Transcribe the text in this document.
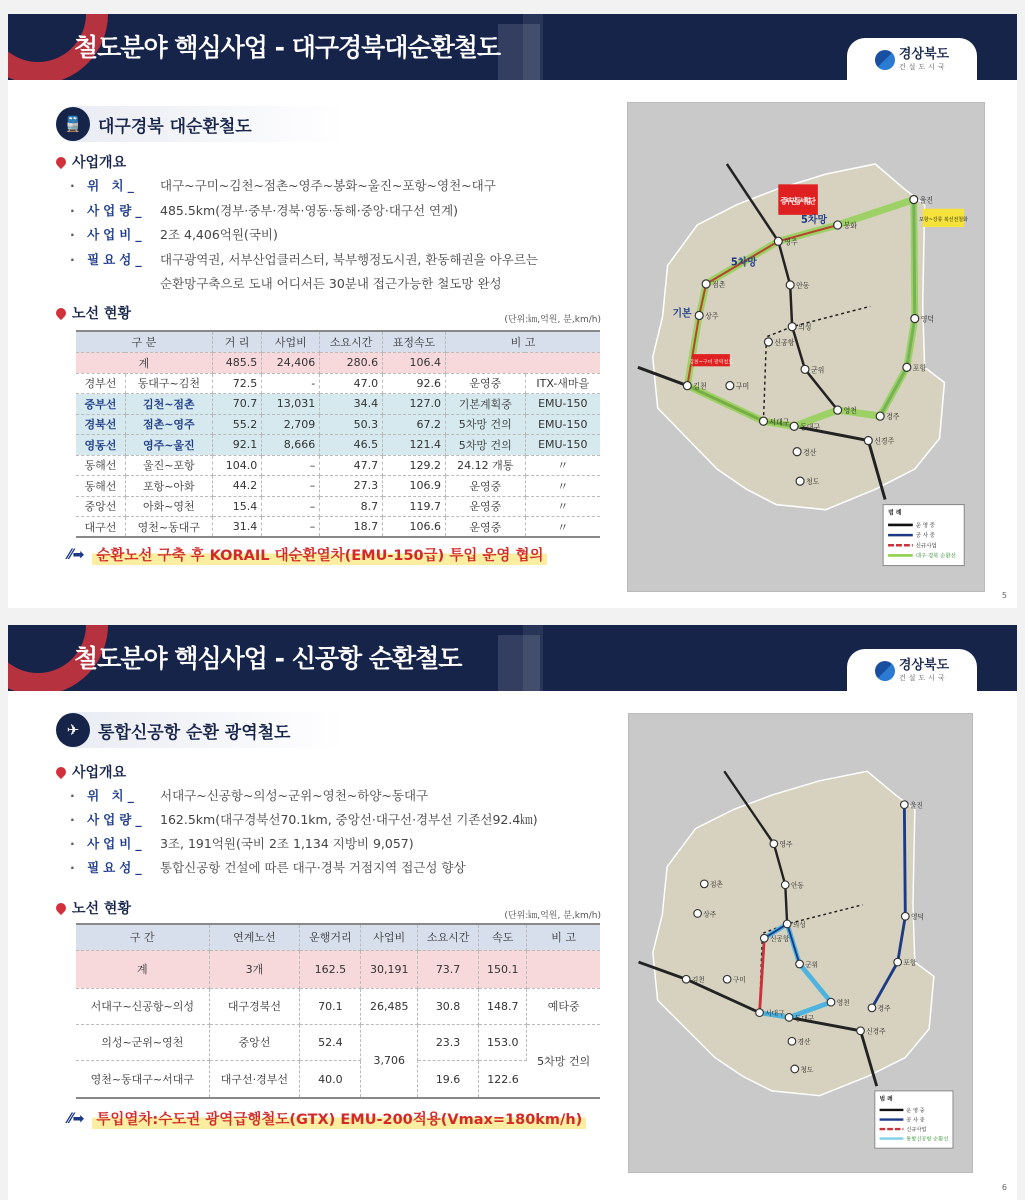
철도분야 핵심사업 - 대구경북대순환철도	경상북도
건설도시국
🚆 대구경북 대순환철도
사업개요
· 위 치_	대구~구미~김천~점촌~영주~봉화~울진~포항~영천~대구
· 사업량_	485.5km(경부·중부·경북·영동·동해·중앙·대구선 연계)
· 사업비_	2조 4,406억원(국비)
· 필요성_	대구광역권, 서부산업클러스터, 북부행정도시권, 환동해권을 아우르는
순환망구축으로 도내 어디서든 30분내 접근가능한 철도망 완성
노선 현황	(단위:㎞,억원, 분,km/h)
구 분		거 리	사업비	소요시간	표정속도	비 고	
계		485.5	24,406	280.6	106.4		
경부선	동대구~김천	72.5	-	47.0	92.6	운영중	ITX-새마을
중부선	김천~점촌	70.7	13,031	34.4	127.0	기본계획중	EMU-150
경북선	점촌~영주	55.2	2,709	50.3	67.2	5차망 건의	EMU-150
영동선	영주~울진	92.1	8,666	46.5	121.4	5차망 건의	EMU-150
동해선	울진~포항	104.0	–	47.7	129.2	24.12 개통	〃
동해선	포항~아화	44.2	–	27.3	106.9	운영중	〃
중앙선	아화~영천	15.4	–	8.7	119.7	운영중	〃
대구선	영천~동대구	31.4	–	18.7	106.6	운영중	〃
⁄⁄➡ 순환노선 구축 후 KORAIL 대순환열차(EMU-150급) 투입 운영 협의
울진
영주
봉화
점촌
상주
김천	구미
서대구
동대구
영천
경주
포항
영덕
안동
의성
신공항
군위
신경주
경산
청도
중부권 동서횡단
5차망
5차망
기본
포항~강릉 복선전철화
김천~구미 광역철도
범 례
운 영 중
공 사 중
신규사업
대구·경북 순환선
5
철도분야 핵심사업 - 신공항 순환철도	경상북도
건설도시국
✈	통합신공항 순환 광역철도
사업개요
· 위 치_	서대구~신공항~의성~군위~영천~하양~동대구
· 사업량_	162.5km(대구경북선70.1km, 중앙선·대구선·경부선 기존선92.4㎞)
· 사업비_	3조, 191억원(국비 2조 1,134 지방비 9,057)
· 필요성_	통합신공항 건설에 따른 대구·경북 거점지역 접근성 향상
노선 현황	(단위:㎞,억원, 분,km/h)
구 간	연계노선	운행거리	사업비	소요시간	속도	비 고
계	3개	162.5	30,191	73.7	150.1	
서대구~신공항~의성	대구경북선	70.1	26,485	30.8	148.7	예타중
의성~군위~영천	중앙선	52.4	3,706	23.3	153.0	5차망 건의
영천~동대구~서대구	대구선·경부선	40.0		19.6	122.6	
⁄⁄➡ 투입열차:수도권 광역급행철도(GTX) EMU-200적용(Vmax=180km/h)
울진
영주
점촌
상주
김천	구미
서대구
동대구
영천
경주
포항
영덕
안동
의성
신공항
군위
신경주
경산
청도
범 례
운 영 중
공 사 중
신규사업
통합신공항 순환선
6
